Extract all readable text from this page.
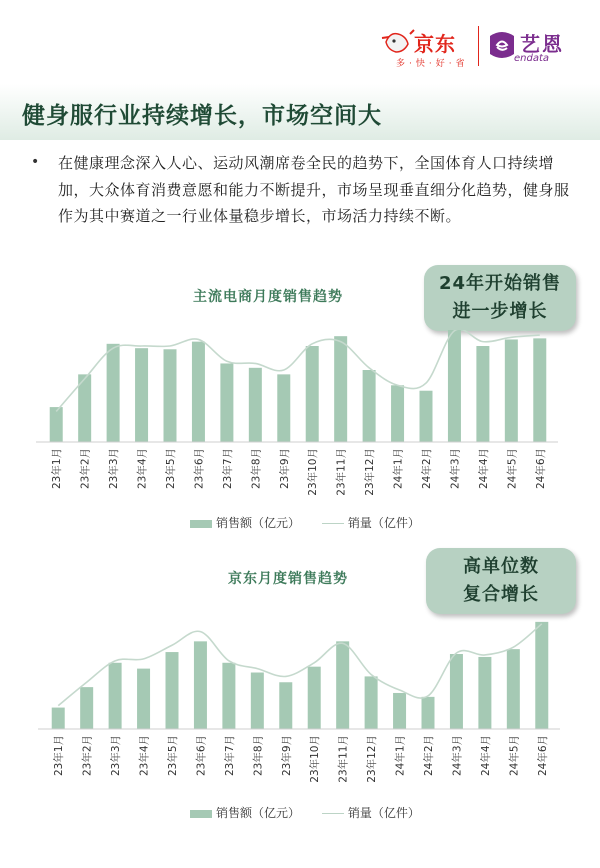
京东
多·快·好·省
艺恩
endata
健身服行业持续增长，市场空间大
• 在健康理念深入人心、运动风潮席卷全民的趋势下，全国体育人口持续增加，大众体育消费意愿和能力不断提升，市场呈现垂直细分化趋势，健身服作为其中赛道之一行业体量稳步增长，市场活力持续不断。
主流电商月度销售趋势
24年开始销售
进一步增长
23年1月 23年2月 23年3月 23年4月 23年5月 23年6月 23年7月 23年8月 23年9月 23年10月 23年11月 23年12月 24年1月 24年2月 24年3月 24年4月 24年5月 24年6月
销售额（亿元）	销量（亿件）
京东月度销售趋势
高单位数
复合增长
23年1月 23年2月 23年3月 23年4月 23年5月 23年6月 23年7月 23年8月 23年9月 23年10月 23年11月 23年12月 24年1月 24年2月 24年3月 24年4月 24年5月 24年6月
销售额（亿元）	销量（亿件）
